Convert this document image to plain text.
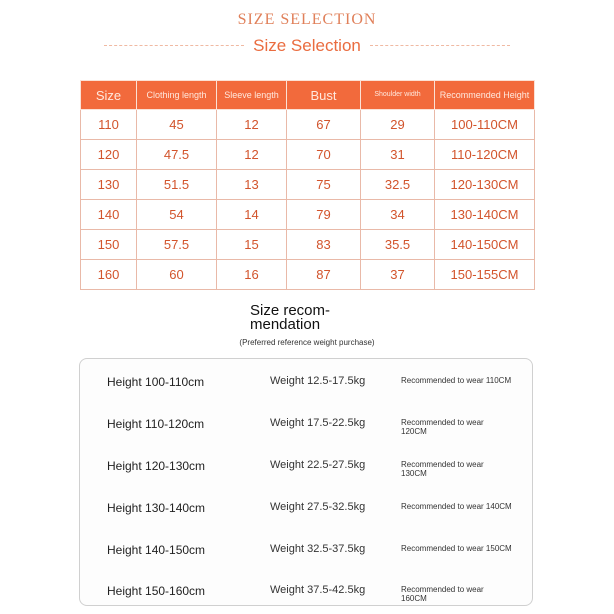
SIZE SELECTION
Size Selection
Size	Clothing length	Sleeve length	Bust	Shoulder width	Recommended Height
110	45	12	67	29	100-110CM
120	47.5	12	70	31	110-120CM
130	51.5	13	75	32.5	120-130CM
140	54	14	79	34	130-140CM
150	57.5	15	83	35.5	140-150CM
160	60	16	87	37	150-155CM
Size recom-mendation
(Preferred reference weight purchase)
Height 100-110cm	Weight 12.5-17.5kg	Recommended to wear 110CM
Height 110-120cm	Weight 17.5-22.5kg	Recommended to wear 120CM
Height 120-130cm	Weight 22.5-27.5kg	Recommended to wear 130CM
Height 130-140cm	Weight 27.5-32.5kg	Recommended to wear 140CM
Height 140-150cm	Weight 32.5-37.5kg	Recommended to wear 150CM
Height 150-160cm	Weight 37.5-42.5kg	Recommended to wear 160CM
